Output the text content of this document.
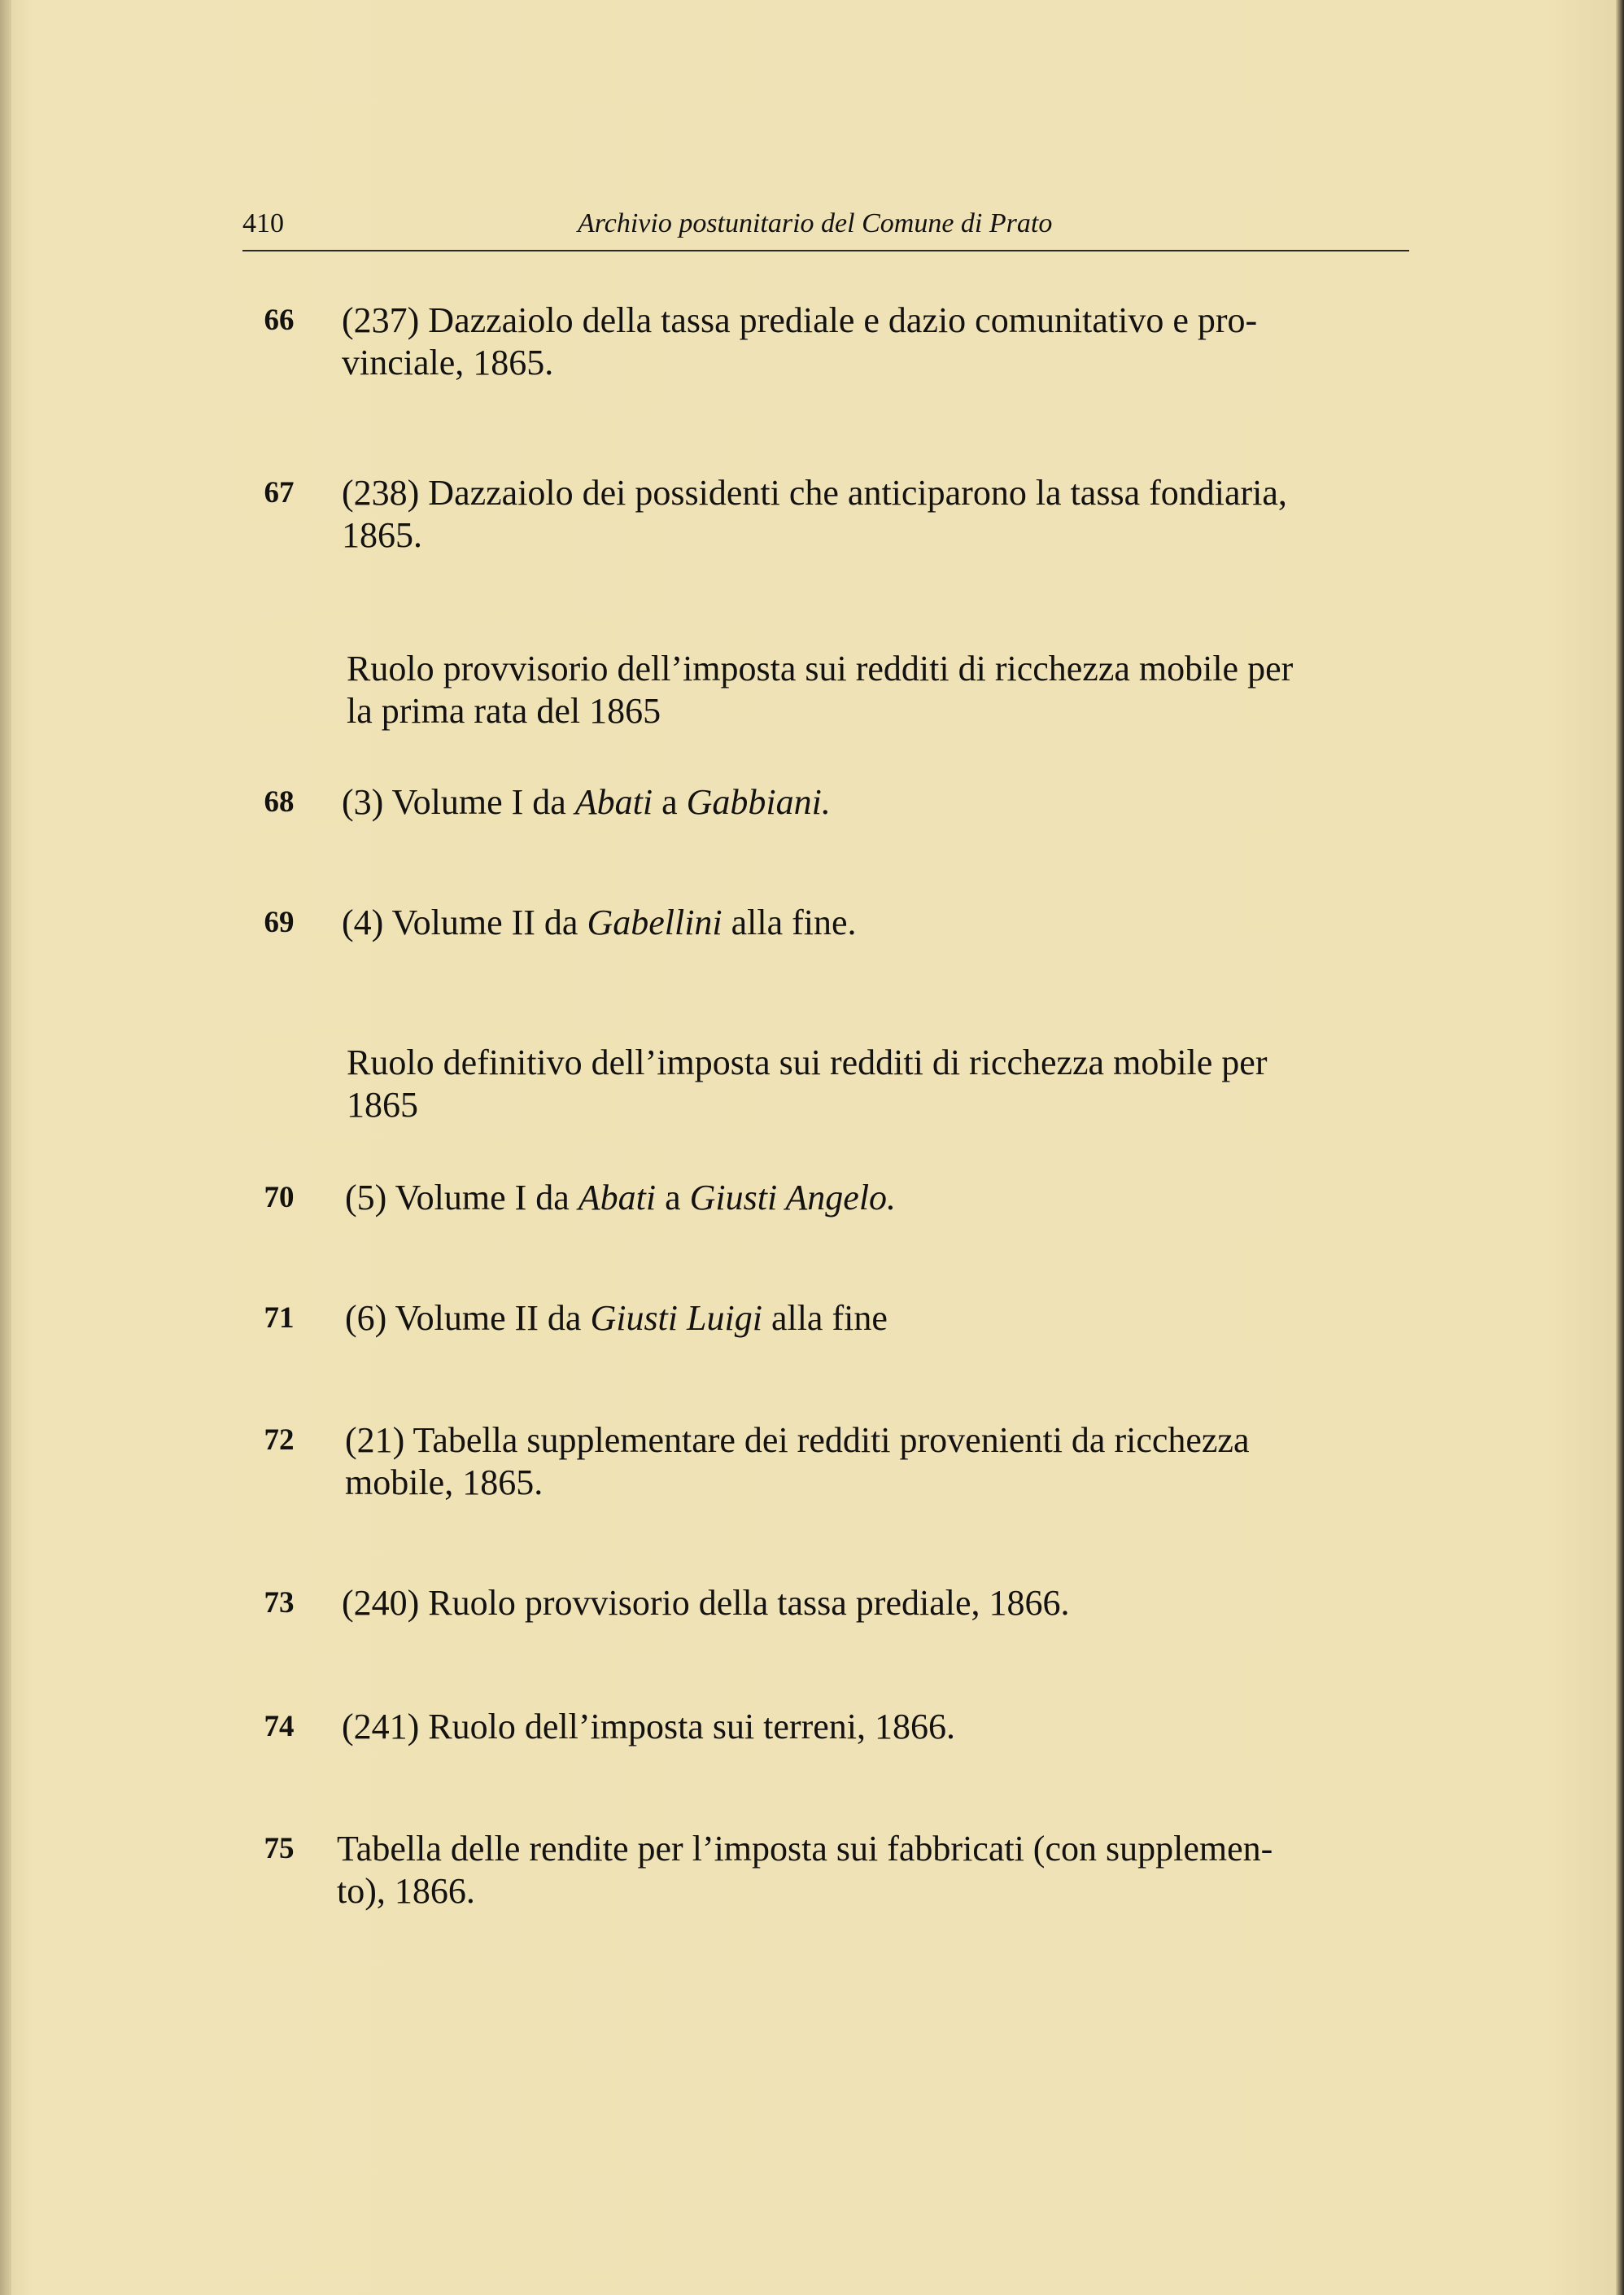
410	Archivio postunitario del Comune di Prato
66	(237) Dazzaiolo della tassa prediale e dazio comunitativo e pro-
vinciale, 1865.
67	(238) Dazzaiolo dei possidenti che anticiparono la tassa fondiaria,
1865.
Ruolo provvisorio dell’imposta sui redditi di ricchezza mobile per
la prima rata del 1865
68	(3) Volume I da Abati a Gabbiani.
69	(4) Volume II da Gabellini alla fine.
Ruolo definitivo dell’imposta sui redditi di ricchezza mobile per
1865
70	(5) Volume I da Abati a Giusti Angelo.
71	(6) Volume II da Giusti Luigi alla fine
72	(21) Tabella supplementare dei redditi provenienti da ricchezza
mobile, 1865.
73	(240) Ruolo provvisorio della tassa prediale, 1866.
74	(241) Ruolo dell’imposta sui terreni, 1866.
75	Tabella delle rendite per l’imposta sui fabbricati (con supplemen-
to), 1866.
